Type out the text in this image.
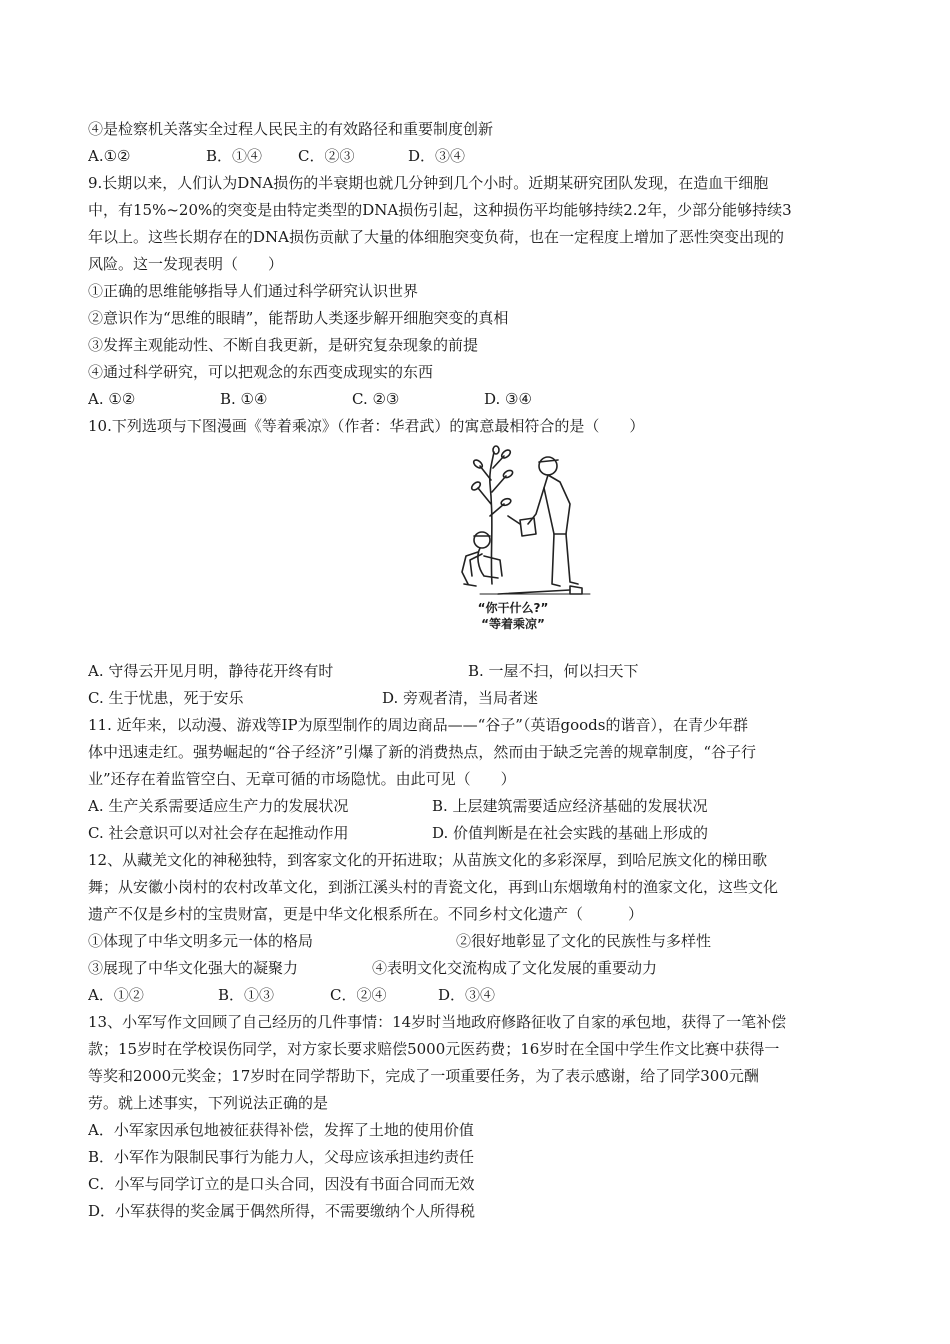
④是检察机关落实全过程人民民主的有效路径和重要制度创新
A.①②	B．①④ C．②③	D．③④
9.长期以来，人们认为DNA损伤的半衰期也就几分钟到几个小时。近期某研究团队发现，在造血干细胞
中，有15%~20%的突变是由特定类型的DNA损伤引起，这种损伤平均能够持续2.2年，少部分能够持续3
年以上。这些长期存在的DNA损伤贡献了大量的体细胞突变负荷，也在一定程度上增加了恶性突变出现的
风险。这一发现表明（　　）
①正确的思维能够指导人们通过科学研究认识世界
②意识作为“思维的眼睛”，能帮助人类逐步解开细胞突变的真相
③发挥主观能动性、不断自我更新，是研究复杂现象的前提
④通过科学研究，可以把观念的东西变成现实的东西
A. ①②	B. ①④	C. ②③	D. ③④
10.下列选项与下图漫画《等着乘凉》（作者：华君武）的寓意最相符合的是（　　）
“你干什么?”
“等着乘凉”
A. 守得云开见月明，静待花开终有时	B. 一屋不扫，何以扫天下
C. 生于忧患，死于安乐	D. 旁观者清，当局者迷
11. 近年来，以动漫、游戏等IP为原型制作的周边商品——“谷子”（英语goods的谐音），在青少年群
体中迅速走红。强势崛起的“谷子经济”引爆了新的消费热点，然而由于缺乏完善的规章制度，“谷子行
业”还存在着监管空白、无章可循的市场隐忧。由此可见（　　）
A. 生产关系需要适应生产力的发展状况	B. 上层建筑需要适应经济基础的发展状况
C. 社会意识可以对社会存在起推动作用	D. 价值判断是在社会实践的基础上形成的
12、从藏羌文化的神秘独特，到客家文化的开拓进取；从苗族文化的多彩深厚，到哈尼族文化的梯田歌
舞；从安徽小岗村的农村改革文化，到浙江溪头村的青瓷文化，再到山东烟墩角村的渔家文化，这些文化
遗产不仅是乡村的宝贵财富，更是中华文化根系所在。不同乡村文化遗产（　　　）
①体现了中华文明多元一体的格局	②很好地彰显了文化的民族性与多样性
③展现了中华文化强大的凝聚力	④表明文化交流构成了文化发展的重要动力
A．①②	B．①③	C．②④	D．③④
13、小军写作文回顾了自己经历的几件事情：14岁时当地政府修路征收了自家的承包地，获得了一笔补偿
款；15岁时在学校误伤同学，对方家长要求赔偿5000元医药费；16岁时在全国中学生作文比赛中获得一
等奖和2000元奖金；17岁时在同学帮助下，完成了一项重要任务，为了表示感谢，给了同学300元酬
劳。就上述事实，下列说法正确的是
A．小军家因承包地被征获得补偿，发挥了土地的使用价值
B．小军作为限制民事行为能力人，父母应该承担违约责任
C．小军与同学订立的是口头合同，因没有书面合同而无效
D．小军获得的奖金属于偶然所得，不需要缴纳个人所得税
